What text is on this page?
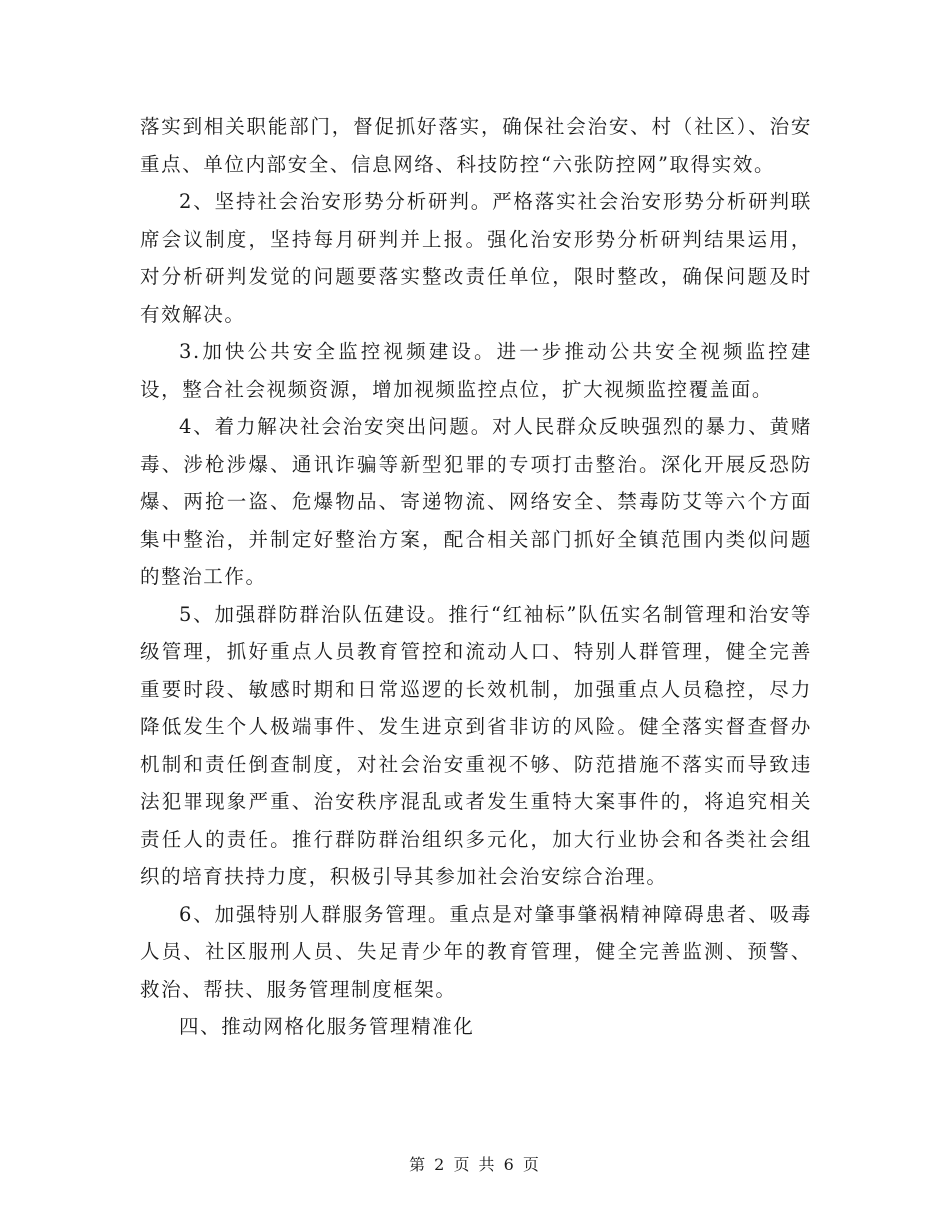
落实到相关职能部门，督促抓好落实，确保社会治安、村（社区）、治安重点、单位内部安全、信息网络、科技防控“六张防控网”取得实效。

2、坚持社会治安形势分析研判。严格落实社会治安形势分析研判联席会议制度，坚持每月研判并上报。强化治安形势分析研判结果运用，对分析研判发觉的问题要落实整改责任单位，限时整改，确保问题及时有效解决。

3.加快公共安全监控视频建设。进一步推动公共安全视频监控建设，整合社会视频资源，增加视频监控点位，扩大视频监控覆盖面。

4、着力解决社会治安突出问题。对人民群众反映强烈的暴力、黄赌毒、涉枪涉爆、通讯诈骗等新型犯罪的专项打击整治。深化开展反恐防爆、两抢一盗、危爆物品、寄递物流、网络安全、禁毒防艾等六个方面集中整治，并制定好整治方案，配合相关部门抓好全镇范围内类似问题的整治工作。

5、加强群防群治队伍建设。推行“红袖标”队伍实名制管理和治安等级管理，抓好重点人员教育管控和流动人口、特别人群管理，健全完善重要时段、敏感时期和日常巡逻的长效机制，加强重点人员稳控，尽力降低发生个人极端事件、发生进京到省非访的风险。健全落实督查督办机制和责任倒查制度，对社会治安重视不够、防范措施不落实而导致违法犯罪现象严重、治安秩序混乱或者发生重特大案事件的，将追究相关责任人的责任。推行群防群治组织多元化，加大行业协会和各类社会组织的培育扶持力度，积极引导其参加社会治安综合治理。

6、加强特别人群服务管理。重点是对肇事肇祸精神障碍患者、吸毒人员、社区服刑人员、失足青少年的教育管理，健全完善监测、预警、救治、帮扶、服务管理制度框架。

四、推动网格化服务管理精准化

第 2 页 共 6 页
